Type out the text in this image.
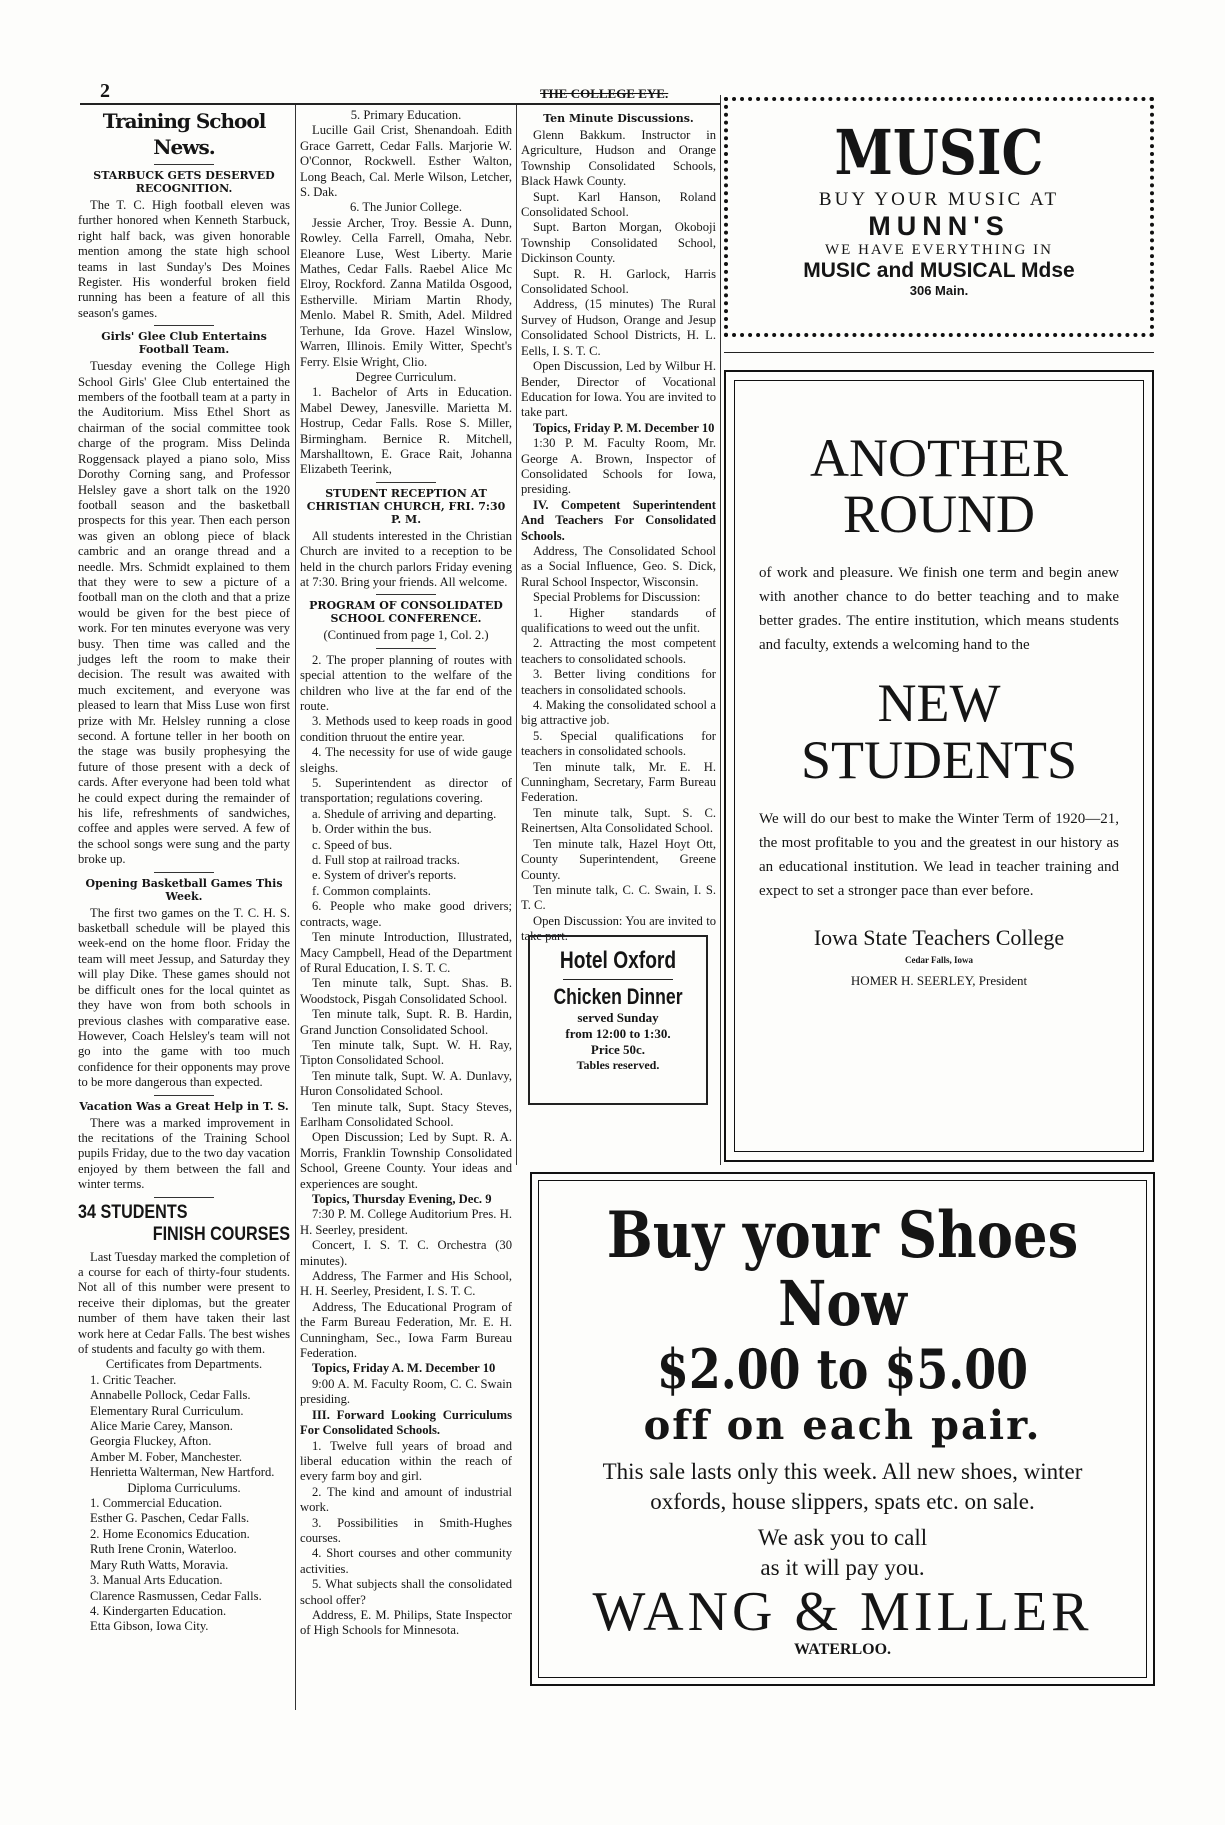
2	THE COLLEGE EYE.
Training School News.
STARBUCK GETS DESERVED RECOGNITION.

The T. C. High football eleven was further honored when Kenneth Starbuck, right half back, was given honorable mention among the state high school teams in last Sunday's Des Moines Register. His wonderful broken field running has been a feature of all this season's games.

Girls' Glee Club Entertains Football Team.

Tuesday evening the College High School Girls' Glee Club entertained the members of the football team at a party in the Auditorium. Miss Ethel Short as chairman of the social committee took charge of the program. Miss Delinda Roggensack played a piano solo, Miss Dorothy Corning sang, and Professor Helsley gave a short talk on the 1920 football season and the basketball prospects for this year. Then each person was given an oblong piece of black cambric and an orange thread and a needle. Mrs. Schmidt explained to them that they were to sew a picture of a football man on the cloth and that a prize would be given for the best piece of work. For ten minutes everyone was very busy. Then time was called and the judges left the room to make their decision. The result was awaited with much excitement, and everyone was pleased to learn that Miss Luse won first prize with Mr. Helsley running a close second. A fortune teller in her booth on the stage was busily prophesying the future of those present with a deck of cards. After everyone had been told what he could expect during the remainder of his life, refreshments of sandwiches, coffee and apples were served. A few of the school songs were sung and the party broke up.

Opening Basketball Games This Week.

The first two games on the T. C. H. S. basketball schedule will be played this week-end on the home floor. Friday the team will meet Jessup, and Saturday they will play Dike. These games should not be difficult ones for the local quintet as they have won from both schools in previous clashes with comparative ease. However, Coach Helsley's team will not go into the game with too much confidence for their opponents may prove to be more dangerous than expected.

Vacation Was a Great Help in T. S.

There was a marked improvement in the recitations of the Training School pupils Friday, due to the two day vacation enjoyed by them between the fall and winter terms.

34 STUDENTS
FINISH COURSES

Last Tuesday marked the completion of a course for each of thirty-four students. Not all of this number were present to receive their diplomas, but the greater number of them have taken their last work here at Cedar Falls. The best wishes of students and faculty go with them.

Certificates from Departments.

1. Critic Teacher.

Annabelle Pollock, Cedar Falls.

Elementary Rural Curriculum.

Alice Marie Carey, Manson.

Georgia Fluckey, Afton.

Amber M. Fober, Manchester.

Henrietta Walterman, New Hartford.

Diploma Curriculums.

1. Commercial Education.

Esther G. Paschen, Cedar Falls.

2. Home Economics Education.

Ruth Irene Cronin, Waterloo.

Mary Ruth Watts, Moravia.

3. Manual Arts Education.

Clarence Rasmussen, Cedar Falls.

4. Kindergarten Education.

Etta Gibson, Iowa City.

5. Primary Education.

Lucille Gail Crist, Shenandoah. Edith Grace Garrett, Cedar Falls. Marjorie W. O'Connor, Rockwell. Esther Walton, Long Beach, Cal. Merle Wilson, Letcher, S. Dak.

6. The Junior College.

Jessie Archer, Troy. Bessie A. Dunn, Rowley. Cella Farrell, Omaha, Nebr. Eleanore Luse, West Liberty. Marie Mathes, Cedar Falls. Raebel Alice Mc Elroy, Rockford. Zanna Matilda Osgood, Estherville. Miriam Martin Rhody, Menlo. Mabel R. Smith, Adel. Mildred Terhune, Ida Grove. Hazel Winslow, Warren, Illinois. Emily Witter, Specht's Ferry. Elsie Wright, Clio.

Degree Curriculum.

1. Bachelor of Arts in Education. Mabel Dewey, Janesville. Marietta M. Hostrup, Cedar Falls. Rose S. Miller, Birmingham. Bernice R. Mitchell, Marshalltown, E. Grace Rait, Johanna Elizabeth Teerink,

STUDENT RECEPTION AT CHRISTIAN CHURCH, FRI. 7:30 P. M.

All students interested in the Christian Church are invited to a reception to be held in the church parlors Friday evening at 7:30. Bring your friends. All welcome.

PROGRAM OF CONSOLIDATED SCHOOL CONFERENCE.

(Continued from page 1, Col. 2.)

2. The proper planning of routes with special attention to the welfare of the children who live at the far end of the route.

3. Methods used to keep roads in good condition thruout the entire year.

4. The necessity for use of wide gauge sleighs.

5. Superintendent as director of transportation; regulations covering.

a. Shedule of arriving and departing.

b. Order within the bus.

c. Speed of bus.

d. Full stop at railroad tracks.

e. System of driver's reports.

f. Common complaints.

6. People who make good drivers; contracts, wage.

Ten minute Introduction, Illustrated, Macy Campbell, Head of the Department of Rural Education, I. S. T. C.

Ten minute talk, Supt. Shas. B. Woodstock, Pisgah Consolidated School.

Ten minute talk, Supt. R. B. Hardin, Grand Junction Consolidated School.

Ten minute talk, Supt. W. H. Ray, Tipton Consolidated School.

Ten minute talk, Supt. W. A. Dunlavy, Huron Consolidated School.

Ten minute talk, Supt. Stacy Steves, Earlham Consolidated School.

Open Discussion; Led by Supt. R. A. Morris, Franklin Township Consolidated School, Greene County. Your ideas and experiences are sought.

Topics, Thursday Evening, Dec. 9

7:30 P. M. College Auditorium Pres. H. H. Seerley, president.

Concert, I. S. T. C. Orchestra (30 minutes).

Address, The Farmer and His School, H. H. Seerley, President, I. S. T. C.

Address, The Educational Program of the Farm Bureau Federation, Mr. E. H. Cunningham, Sec., Iowa Farm Bureau Federation.

Topics, Friday A. M. December 10

9:00 A. M. Faculty Room, C. C. Swain presiding.

III. Forward Looking Curriculums For Consolidated Schools.

1. Twelve full years of broad and liberal education within the reach of every farm boy and girl.

2. The kind and amount of industrial work.

3. Possibilities in Smith-Hughes courses.

4. Short courses and other community activities.

5. What subjects shall the consolidated school offer?

Address, E. M. Philips, State Inspector of High Schools for Minnesota.

Ten Minute Discussions.

Glenn Bakkum. Instructor in Agriculture, Hudson and Orange Township Consolidated Schools, Black Hawk County.

Supt. Karl Hanson, Roland Consolidated School.

Supt. Barton Morgan, Okoboji Township Consolidated School, Dickinson County.

Supt. R. H. Garlock, Harris Consolidated School.

Address, (15 minutes) The Rural Survey of Hudson, Orange and Jesup Consolidated School Districts, H. L. Eells, I. S. T. C.

Open Discussion, Led by Wilbur H. Bender, Director of Vocational Education for Iowa. You are invited to take part.

Topics, Friday P. M. December 10

1:30 P. M. Faculty Room, Mr. George A. Brown, Inspector of Consolidated Schools for Iowa, presiding.

IV. Competent Superintendent And Teachers For Consolidated Schools.

Address, The Consolidated School as a Social Influence, Geo. S. Dick, Rural School Inspector, Wisconsin.

Special Problems for Discussion:

1. Higher standards of qualifications to weed out the unfit.

2. Attracting the most competent teachers to consolidated schools.

3. Better living conditions for teachers in consolidated schools.

4. Making the consolidated school a big attractive job.

5. Special qualifications for teachers in consolidated schools.

Ten minute talk, Mr. E. H. Cunningham, Secretary, Farm Bureau Federation.

Ten minute talk, Supt. S. C. Reinertsen, Alta Consolidated School.

Ten minute talk, Hazel Hoyt Ott, County Superintendent, Greene County.

Ten minute talk, C. C. Swain, I. S. T. C.

Open Discussion: You are invited to take part.

Hotel Oxford
Chicken Dinner
served Sunday
from 12:00 to 1:30.
Price 50c.
Tables reserved.
MUSIC
BUY YOUR MUSIC AT
MUNN'S
WE HAVE EVERYTHING IN
MUSIC and MUSICAL Mdse
306 Main.
ANOTHER
ROUND

of work and pleasure. We finish one term and begin anew with another chance to do better teaching and to make better grades. The entire institution, which means students and faculty, extends a welcoming hand to the

NEW
STUDENTS

We will do our best to make the Winter Term of 1920—21, the most profitable to you and the greatest in our history as an educational institution. We lead in teacher training and expect to set a stronger pace than ever before.

Iowa State Teachers College
Cedar Falls, Iowa
HOMER H. SEERLEY, President
Buy your Shoes
Now
$2.00 to $5.00
off on each pair.

This sale lasts only this week. All new shoes, winter oxfords, house slippers, spats etc. on sale.

We ask you to call
as it will pay you.
WANG & MILLER
WATERLOO.
